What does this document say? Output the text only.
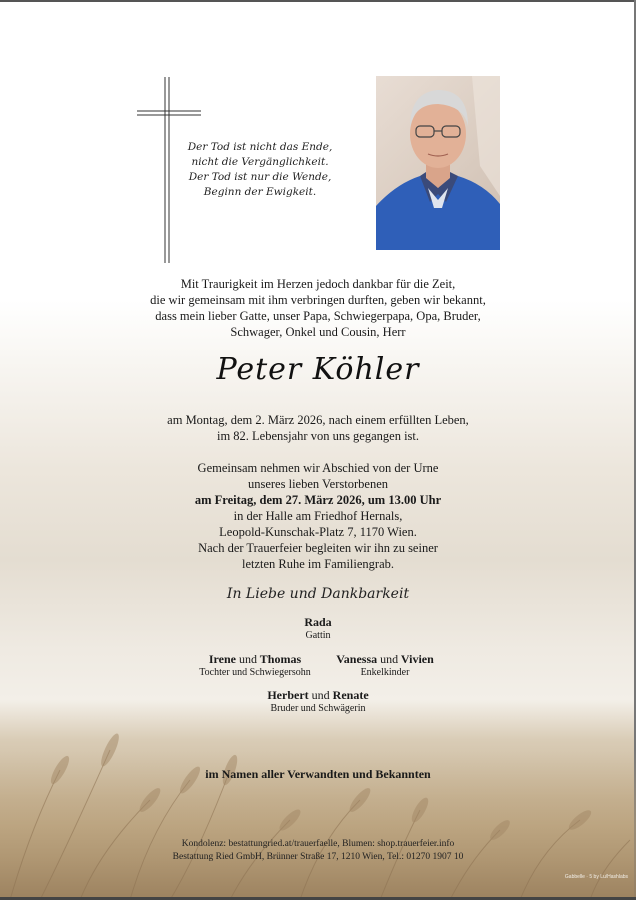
Der Tod ist nicht das Ende,
nicht die Vergänglichkeit.
Der Tod ist nur die Wende,
Beginn der Ewigkeit.
Mit Traurigkeit im Herzen jedoch dankbar für die Zeit,
die wir gemeinsam mit ihm verbringen durften, geben wir bekannt,
dass mein lieber Gatte, unser Papa, Schwiegerpapa, Opa, Bruder,
Schwager, Onkel und Cousin, Herr
Peter Köhler
am Montag, dem 2. März 2026, nach einem erfüllten Leben,
im 82. Lebensjahr von uns gegangen ist.
Gemeinsam nehmen wir Abschied von der Urne
unseres lieben Verstorbenen
am Freitag, dem 27. März 2026, um 13.00 Uhr
in der Halle am Friedhof Hernals,
Leopold-Kunschak-Platz 7, 1170 Wien.
Nach der Trauerfeier begleiten wir ihn zu seiner
letzten Ruhe im Familiengrab.
In Liebe und Dankbarkeit
Rada
Gattin
Irene und Thomas
Tochter und Schwiegersohn
Vanessa und Vivien
Enkelkinder
Herbert und Renate
Bruder und Schwägerin
im Namen aller Verwandten und Bekannten
Kondolenz: bestattungried.at/trauerfaelle, Blumen: shop.trauerfeier.info
Bestattung Ried GmbH, Brünner Straße 17, 1210 Wien, Tel.: 01270 1907 10
Gabbelle · 5 by Lu/Hashlabs
